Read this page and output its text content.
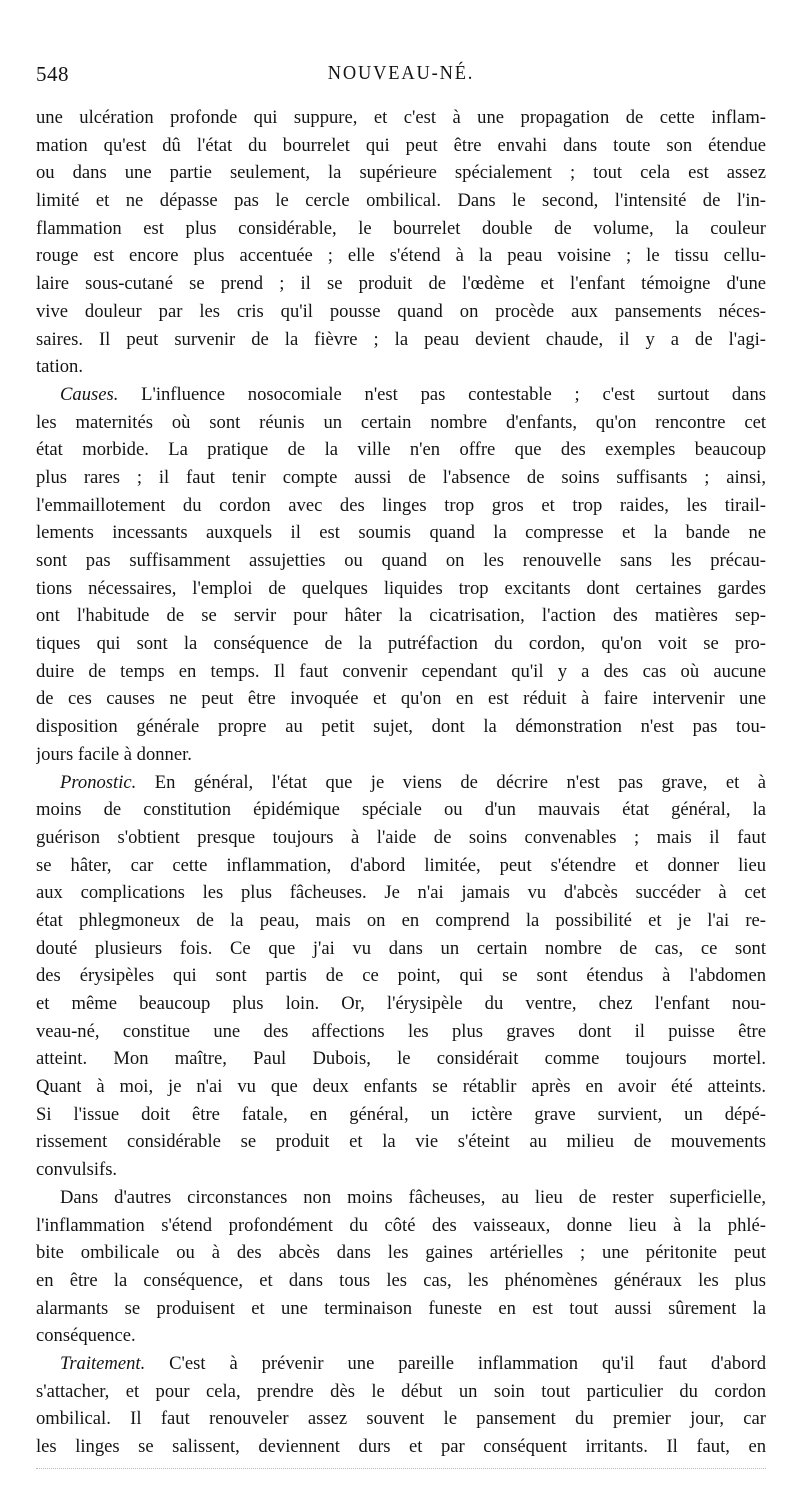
548	NOUVEAU-NÉ.
une ulcération profonde qui suppure, et c'est à une propagation de cette inflam-
mation qu'est dû l'état du bourrelet qui peut être envahi dans toute son étendue
ou dans une partie seulement, la supérieure spécialement ; tout cela est assez
limité et ne dépasse pas le cercle ombilical. Dans le second, l'intensité de l'in-
flammation est plus considérable, le bourrelet double de volume, la couleur
rouge est encore plus accentuée ; elle s'étend à la peau voisine ; le tissu cellu-
laire sous-cutané se prend ; il se produit de l'œdème et l'enfant témoigne d'une
vive douleur par les cris qu'il pousse quand on procède aux pansements néces-
saires. Il peut survenir de la fièvre ; la peau devient chaude, il y a de l'agi-
tation.
Causes. L'influence nosocomiale n'est pas contestable ; c'est surtout dans
les maternités où sont réunis un certain nombre d'enfants, qu'on rencontre cet
état morbide. La pratique de la ville n'en offre que des exemples beaucoup
plus rares ; il faut tenir compte aussi de l'absence de soins suffisants ; ainsi,
l'emmaillotement du cordon avec des linges trop gros et trop raides, les tirail-
lements incessants auxquels il est soumis quand la compresse et la bande ne
sont pas suffisamment assujetties ou quand on les renouvelle sans les précau-
tions nécessaires, l'emploi de quelques liquides trop excitants dont certaines gardes
ont l'habitude de se servir pour hâter la cicatrisation, l'action des matières sep-
tiques qui sont la conséquence de la putréfaction du cordon, qu'on voit se pro-
duire de temps en temps. Il faut convenir cependant qu'il y a des cas où aucune
de ces causes ne peut être invoquée et qu'on en est réduit à faire intervenir une
disposition générale propre au petit sujet, dont la démonstration n'est pas tou-
jours facile à donner.
Pronostic. En général, l'état que je viens de décrire n'est pas grave, et à
moins de constitution épidémique spéciale ou d'un mauvais état général, la
guérison s'obtient presque toujours à l'aide de soins convenables ; mais il faut
se hâter, car cette inflammation, d'abord limitée, peut s'étendre et donner lieu
aux complications les plus fâcheuses. Je n'ai jamais vu d'abcès succéder à cet
état phlegmoneux de la peau, mais on en comprend la possibilité et je l'ai re-
douté plusieurs fois. Ce que j'ai vu dans un certain nombre de cas, ce sont
des érysipèles qui sont partis de ce point, qui se sont étendus à l'abdomen
et même beaucoup plus loin. Or, l'érysipèle du ventre, chez l'enfant nou-
veau-né, constitue une des affections les plus graves dont il puisse être
atteint. Mon maître, Paul Dubois, le considérait comme toujours mortel.
Quant à moi, je n'ai vu que deux enfants se rétablir après en avoir été atteints.
Si l'issue doit être fatale, en général, un ictère grave survient, un dépé-
rissement considérable se produit et la vie s'éteint au milieu de mouvements
convulsifs.
Dans d'autres circonstances non moins fâcheuses, au lieu de rester superficielle,
l'inflammation s'étend profondément du côté des vaisseaux, donne lieu à la phlé-
bite ombilicale ou à des abcès dans les gaines artérielles ; une péritonite peut
en être la conséquence, et dans tous les cas, les phénomènes généraux les plus
alarmants se produisent et une terminaison funeste en est tout aussi sûrement la
conséquence.
Traitement. C'est à prévenir une pareille inflammation qu'il faut d'abord
s'attacher, et pour cela, prendre dès le début un soin tout particulier du cordon
ombilical. Il faut renouveler assez souvent le pansement du premier jour, car
les linges se salissent, deviennent durs et par conséquent irritants. Il faut, en
